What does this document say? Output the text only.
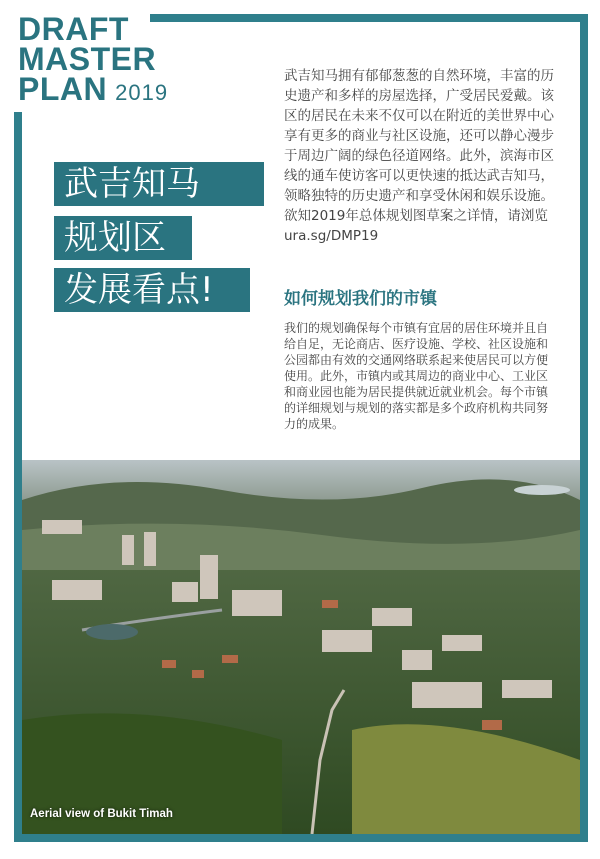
DRAFT
MASTER
PLAN 2019
武吉知马
规划区
发展看点!
武吉知马拥有郁郁葱葱的自然环境，丰富的历史遗产和多样的房屋选择，广受居民爱戴。该区的居民在未来不仅可以在附近的美世界中心享有更多的商业与社区设施，还可以静心漫步于周边广阔的绿色径道网络。此外，滨海市区线的通车使访客可以更快速的抵达武吉知马，领略独特的历史遗产和享受休闲和娱乐设施。欲知2019年总体规划图草案之详情，请浏览ura.sg/DMP19
如何规划我们的市镇
我们的规划确保每个市镇有宜居的居住环境并且自给自足，无论商店、医疗设施、学校、社区设施和公园都由有效的交通网络联系起来使居民可以方便使用。此外，市镇内或其周边的商业中心、工业区和商业园也能为居民提供就近就业机会。每个市镇的详细规划与规划的落实都是多个政府机构共同努力的成果。
Aerial view of Bukit Timah
